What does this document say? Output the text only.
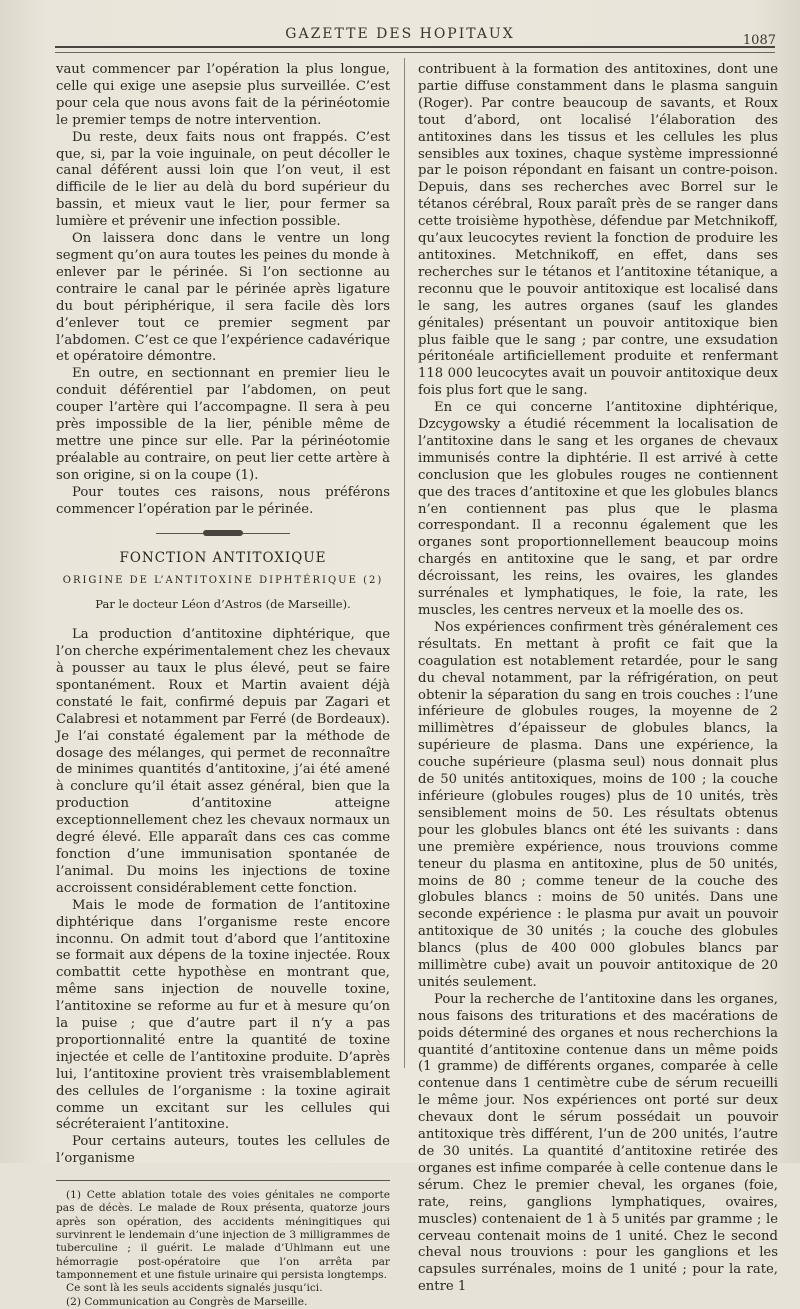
GAZETTE DES HOPITAUX	1087

vaut commencer par l’opération la plus longue, celle qui exige une asepsie plus surveillée. C’est pour cela que nous avons fait de la périnéotomie le premier temps de notre intervention.

Du reste, deux faits nous ont frappés. C’est que, si, par la voie inguinale, on peut décoller le canal déférent aussi loin que l’on veut, il est difficile de le lier au delà du bord supérieur du bassin, et mieux vaut le lier, pour fermer sa lumière et prévenir une infection possible.

On laissera donc dans le ventre un long segment qu’on aura toutes les peines du monde à enlever par le périnée. Si l’on sectionne au contraire le canal par le périnée après ligature du bout périphérique, il sera facile dès lors d’enlever tout ce premier segment par l’abdomen. C’est ce que l’expérience cadavérique et opératoire démontre.

En outre, en sectionnant en premier lieu le conduit déférentiel par l’abdomen, on peut couper l’artère qui l’accompagne. Il sera à peu près impossible de la lier, pénible même de mettre une pince sur elle. Par la périnéotomie préalable au contraire, on peut lier cette artère à son origine, si on la coupe (1).

Pour toutes ces raisons, nous préférons commencer l’opération par le périnée.

FONCTION ANTITOXIQUE
ORIGINE DE L’ANTITOXINE DIPHTÉRIQUE (2)
Par le docteur Léon d’Astros (de Marseille).

La production d’antitoxine diphtérique, que l’on cherche expérimentalement chez les chevaux à pousser au taux le plus élevé, peut se faire spontanément. Roux et Martin avaient déjà constaté le fait, confirmé depuis par Zagari et Calabresi et notamment par Ferré (de Bordeaux). Je l’ai constaté également par la méthode de dosage des mélanges, qui permet de reconnaître de minimes quantités d’antitoxine, j’ai été amené à conclure qu’il était assez général, bien que la production d’antitoxine atteigne exceptionnellement chez les chevaux normaux un degré élevé. Elle apparaît dans ces cas comme fonction d’une immunisation spontanée de l’animal. Du moins les injections de toxine accroissent considérablement cette fonction.

Mais le mode de formation de l’antitoxine diphtérique dans l’organisme reste encore inconnu. On admit tout d’abord que l’antitoxine se formait aux dépens de la toxine injectée. Roux combattit cette hypothèse en montrant que, même sans injection de nouvelle toxine, l’antitoxine se reforme au fur et à mesure qu’on la puise ; que d’autre part il n’y a pas proportionnalité entre la quantité de toxine injectée et celle de l’antitoxine produite. D’après lui, l’antitoxine provient très vraisemblablement des cellules de l’organisme : la toxine agirait comme un excitant sur les cellules qui sécréteraient l’antitoxine.

Pour certains auteurs, toutes les cellules de l’organisme

(1) Cette ablation totale des voies génitales ne comporte pas de décès. Le malade de Roux présenta, quatorze jours après son opération, des accidents méningitiques qui survinrent le lendemain d’une injection de 3 milligrammes de tuberculine ; il guérit. Le malade d’Uhlmann eut une hémorragie post-opératoire que l’on arrêta par tamponnement et une fistule urinaire qui persista longtemps.

Ce sont là les seuls accidents signalés jusqu’ici.

(2) Communication au Congrès de Marseille.

contribuent à la formation des antitoxines, dont une partie diffuse constamment dans le plasma sanguin (Roger). Par contre beaucoup de savants, et Roux tout d’abord, ont localisé l’élaboration des antitoxines dans les tissus et les cellules les plus sensibles aux toxines, chaque système impressionné par le poison répondant en faisant un contre-poison. Depuis, dans ses recherches avec Borrel sur le tétanos cérébral, Roux paraît près de se ranger dans cette troisième hypothèse, défendue par Metchnikoff, qu’aux leucocytes revient la fonction de produire les antitoxines. Metchnikoff, en effet, dans ses recherches sur le tétanos et l’antitoxine tétanique, a reconnu que le pouvoir antitoxique est localisé dans le sang, les autres organes (sauf les glandes génitales) présentant un pouvoir antitoxique bien plus faible que le sang ; par contre, une exsudation péritonéale artificiellement produite et renfermant 118 000 leucocytes avait un pouvoir antitoxique deux fois plus fort que le sang.

En ce qui concerne l’antitoxine diphtérique, Dzcygowsky a étudié récemment la localisation de l’antitoxine dans le sang et les organes de chevaux immunisés contre la diphtérie. Il est arrivé à cette conclusion que les globules rouges ne contiennent que des traces d’antitoxine et que les globules blancs n’en contiennent pas plus que le plasma correspondant. Il a reconnu également que les organes sont proportionnellement beaucoup moins chargés en antitoxine que le sang, et par ordre décroissant, les reins, les ovaires, les glandes surrénales et lymphatiques, le foie, la rate, les muscles, les centres nerveux et la moelle des os.

Nos expériences confirment très généralement ces résultats. En mettant à profit ce fait que la coagulation est notablement retardée, pour le sang du cheval notamment, par la réfrigération, on peut obtenir la séparation du sang en trois couches : l’une inférieure de globules rouges, la moyenne de 2 millimètres d’épaisseur de globules blancs, la supérieure de plasma. Dans une expérience, la couche supérieure (plasma seul) nous donnait plus de 50 unités antitoxiques, moins de 100 ; la couche inférieure (globules rouges) plus de 10 unités, très sensiblement moins de 50. Les résultats obtenus pour les globules blancs ont été les suivants : dans une première expérience, nous trouvions comme teneur du plasma en antitoxine, plus de 50 unités, moins de 80 ; comme teneur de la couche des globules blancs : moins de 50 unités. Dans une seconde expérience : le plasma pur avait un pouvoir antitoxique de 30 unités ; la couche des globules blancs (plus de 400 000 globules blancs par millimètre cube) avait un pouvoir antitoxique de 20 unités seulement.

Pour la recherche de l’antitoxine dans les organes, nous faisons des triturations et des macérations de poids déterminé des organes et nous recherchions la quantité d’antitoxine contenue dans un même poids (1 gramme) de différents organes, comparée à celle contenue dans 1 centimètre cube de sérum recueilli le même jour. Nos expériences ont porté sur deux chevaux dont le sérum possédait un pouvoir antitoxique très différent, l’un de 200 unités, l’autre de 30 unités. La quantité d’antitoxine retirée des organes est infime comparée à celle contenue dans le sérum. Chez le premier cheval, les organes (foie, rate, reins, ganglions lymphatiques, ovaires, muscles) contenaient de 1 à 5 unités par gramme ; le cerveau contenait moins de 1 unité. Chez le second cheval nous trouvions : pour les ganglions et les capsules surrénales, moins de 1 unité ; pour la rate, entre 1
